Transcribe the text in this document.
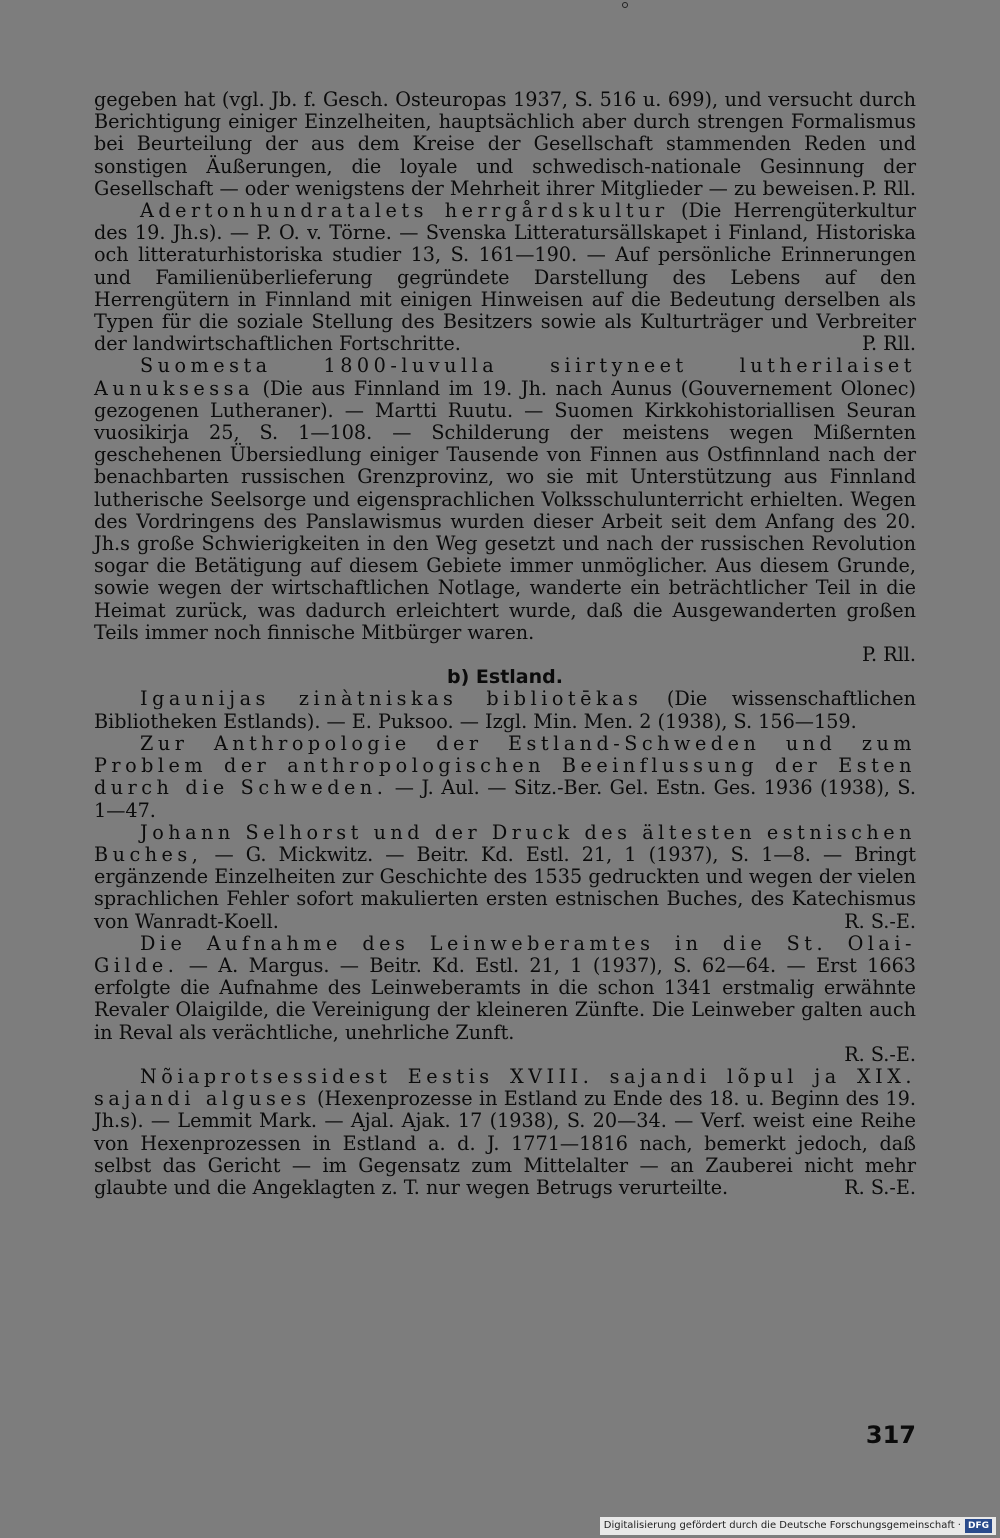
gegeben hat (vgl. Jb. f. Gesch. Osteuropas 1937, S. 516 u. 699), und versucht durch Berichtigung einiger Einzelheiten, hauptsächlich aber durch strengen Formalismus bei Beurteilung der aus dem Kreise der Gesellschaft stammenden Reden und sonstigen Äußerungen, die loyale und schwedisch-nationale Gesinnung der Gesellschaft — oder wenigstens der Mehrheit ihrer Mitglieder — zu beweisen. P. Rll.

Adertonhundratalets herrgårdskultur (Die Herrengüterkultur des 19. Jh.s). — P. O. v. Törne. — Svenska Litteratursällskapet i Finland, Historiska och litteraturhistoriska studier 13, S. 161—190. — Auf persönliche Erinnerungen und Familienüberlieferung gegründete Darstellung des Lebens auf den Herrengütern in Finnland mit einigen Hinweisen auf die Bedeutung derselben als Typen für die soziale Stellung des Besitzers sowie als Kulturträger und Verbreiter der landwirtschaftlichen Fortschritte.	P. Rll.

Suomesta 1800-luvulla siirtyneet lutherilaiset Aunuksessa (Die aus Finnland im 19. Jh. nach Aunus (Gouvernement Olonec) gezogenen Lutheraner). — Martti Ruutu. — Suomen Kirkkohistoriallisen Seuran vuosikirja 25, S. 1—108. — Schilderung der meistens wegen Mißernten geschehenen Übersiedlung einiger Tausende von Finnen aus Ostfinnland nach der benachbarten russischen Grenzprovinz, wo sie mit Unterstützung aus Finnland lutherische Seelsorge und eigensprachlichen Volksschulunterricht erhielten. Wegen des Vordringens des Panslawismus wurden dieser Arbeit seit dem Anfang des 20. Jh.s große Schwierigkeiten in den Weg gesetzt und nach der russischen Revolution sogar die Betätigung auf diesem Gebiete immer unmöglicher. Aus diesem Grunde, sowie wegen der wirtschaftlichen Notlage, wanderte ein beträchtlicher Teil in die Heimat zurück, was dadurch erleichtert wurde, daß die Ausgewanderten großen Teils immer noch finnische Mitbürger waren.

P. Rll.

b) Estland.

Igaunijas zinàtniskas bibliotēkas (Die wissenschaftlichen Bibliotheken Estlands). — E. Puksoo. — Izgl. Min. Men. 2 (1938), S. 156—159.

Zur Anthropologie der Estland-Schweden und zum Problem der anthropologischen Beeinflussung der Esten durch die Schweden. — J. Aul. — Sitz.-Ber. Gel. Estn. Ges. 1936 (1938), S. 1—47.

Johann Selhorst und der Druck des ältesten estnischen Buches, — G. Mickwitz. — Beitr. Kd. Estl. 21, 1 (1937), S. 1—8. — Bringt ergänzende Einzelheiten zur Geschichte des 1535 gedruckten und wegen der vielen sprachlichen Fehler sofort makulierten ersten estnischen Buches, des Katechismus von Wanradt-Koell.	R. S.-E.

Die Aufnahme des Leinweberamtes in die St. Olai-Gilde. — A. Margus. — Beitr. Kd. Estl. 21, 1 (1937), S. 62—64. — Erst 1663 erfolgte die Aufnahme des Leinweberamts in die schon 1341 erstmalig erwähnte Revaler Olaigilde, die Vereinigung der kleineren Zünfte. Die Leinweber galten auch in Reval als verächtliche, unehrliche Zunft.

R. S.-E.

Nõiaprotsessidest Eestis XVIII. sajandi lõpul ja XIX. sajandi alguses (Hexenprozesse in Estland zu Ende des 18. u. Beginn des 19. Jh.s). — Lemmit Mark. — Ajal. Ajak. 17 (1938), S. 20—34. — Verf. weist eine Reihe von Hexenprozessen in Estland a. d. J. 1771—1816 nach, bemerkt jedoch, daß selbst das Gericht — im Gegensatz zum Mittelalter — an Zauberei nicht mehr glaubte und die Angeklagten z. T. nur wegen Betrugs verurteilte.	R. S.-E.

317
Digitalisierung gefördert durch die Deutsche Forschungsgemeinschaft · DFG
